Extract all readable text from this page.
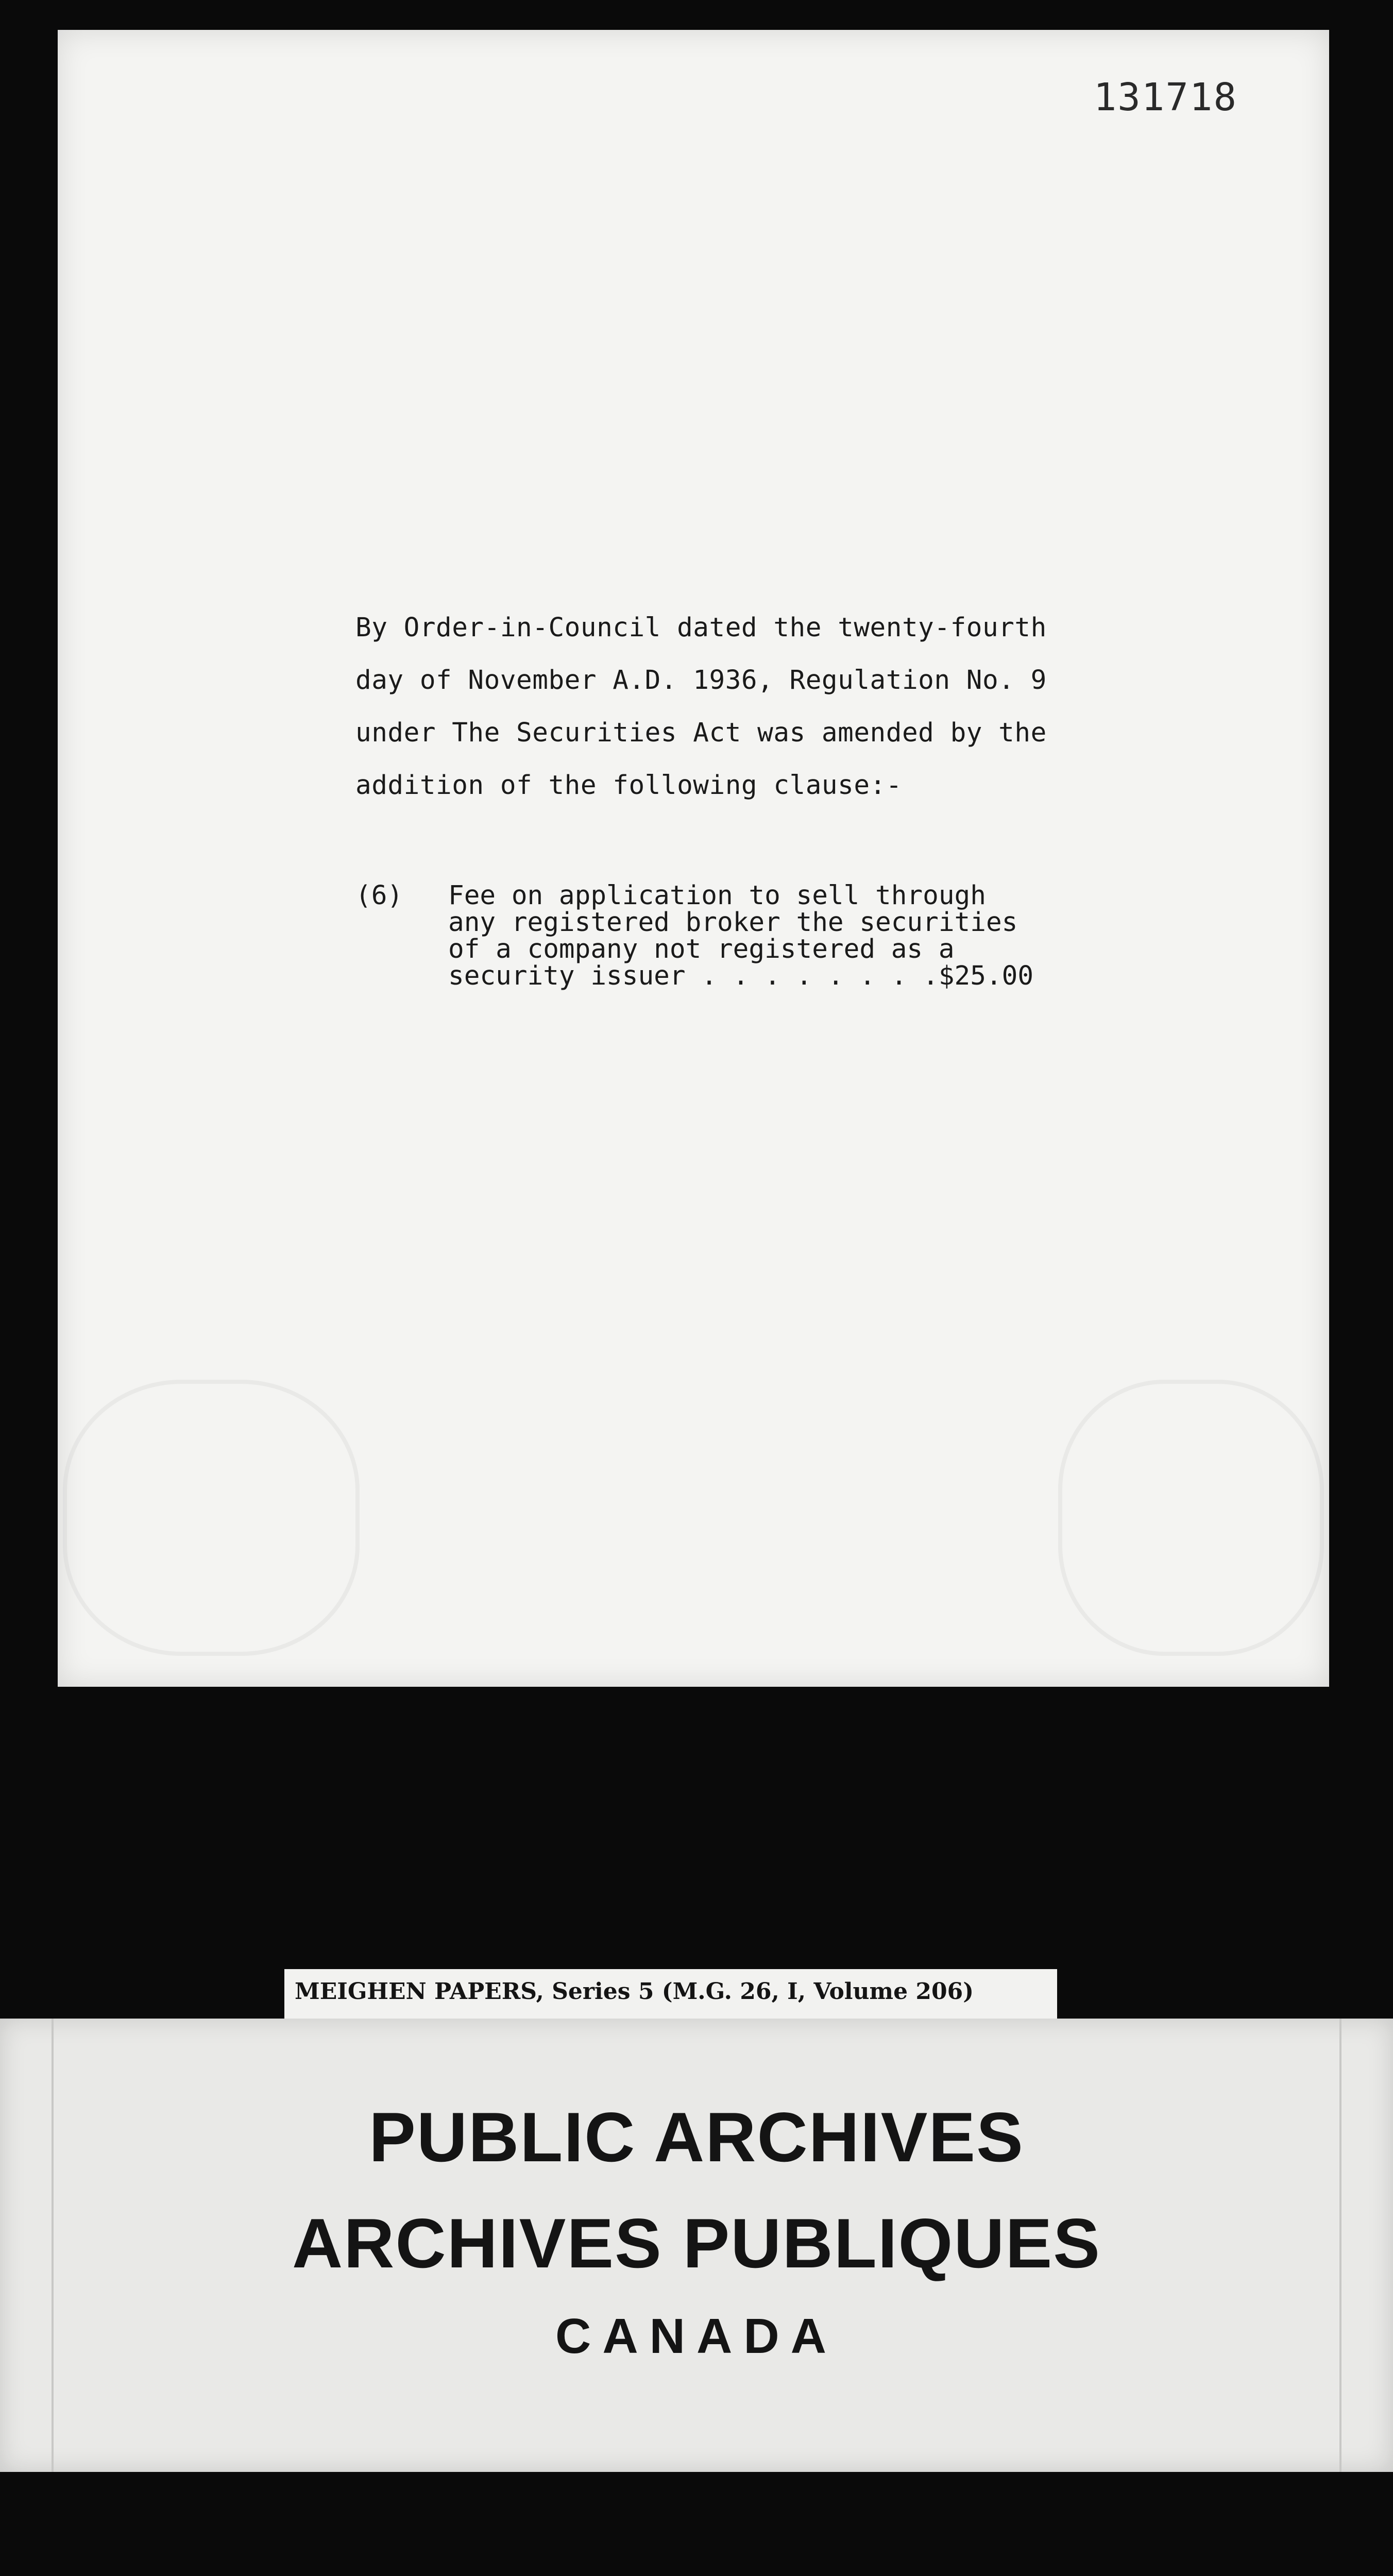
131718
By Order-in-Council dated the twenty-fourth
day of November A.D. 1936, Regulation No. 9
under The Securities Act was amended by the
addition of the following clause:-
(6) Fee on application to sell through
any registered broker the securities
of a company not registered as a
security issuer . . . . . . . .$25.00
MEIGHEN PAPERS, Series 5 (M.G. 26, I, Volume 206)
PUBLIC ARCHIVES
ARCHIVES PUBLIQUES
CANADA
